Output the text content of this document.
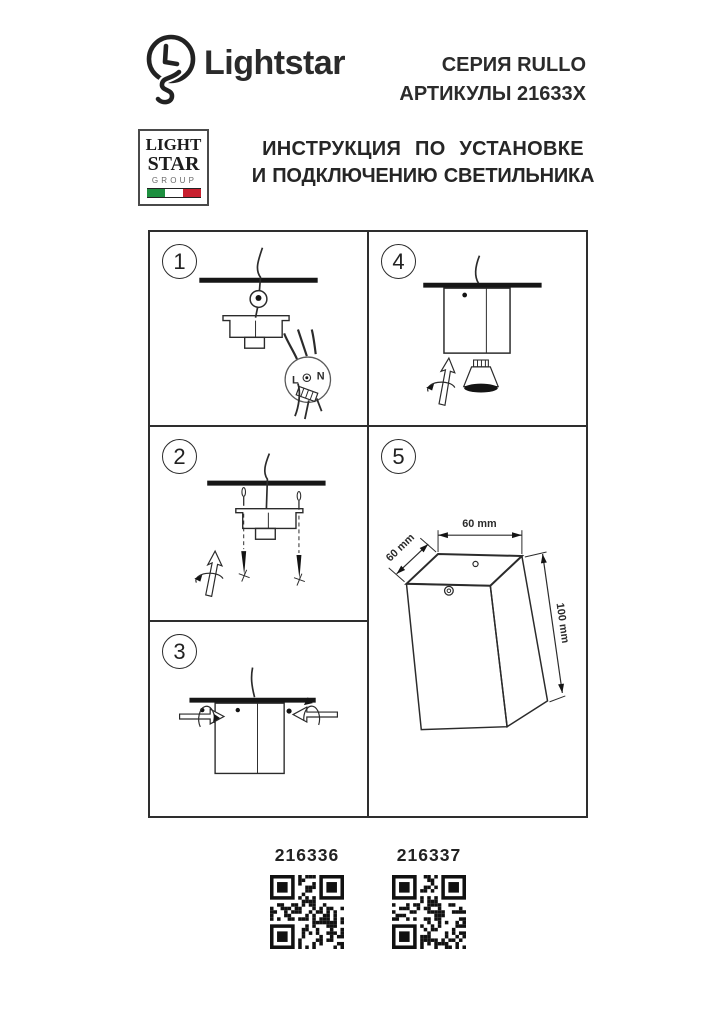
Lightstar	СЕРИЯ RULLO
АРТИКУЛЫ 21633X
LIGHT
STAR
GROUP
ИНСТРУКЦИЯ ПО УСТАНОВКЕ
И ПОДКЛЮЧЕНИЮ СВЕТИЛЬНИКА
1
L N
2
3
4
5
60 mm
60 mm
100 mm
216336	216337
